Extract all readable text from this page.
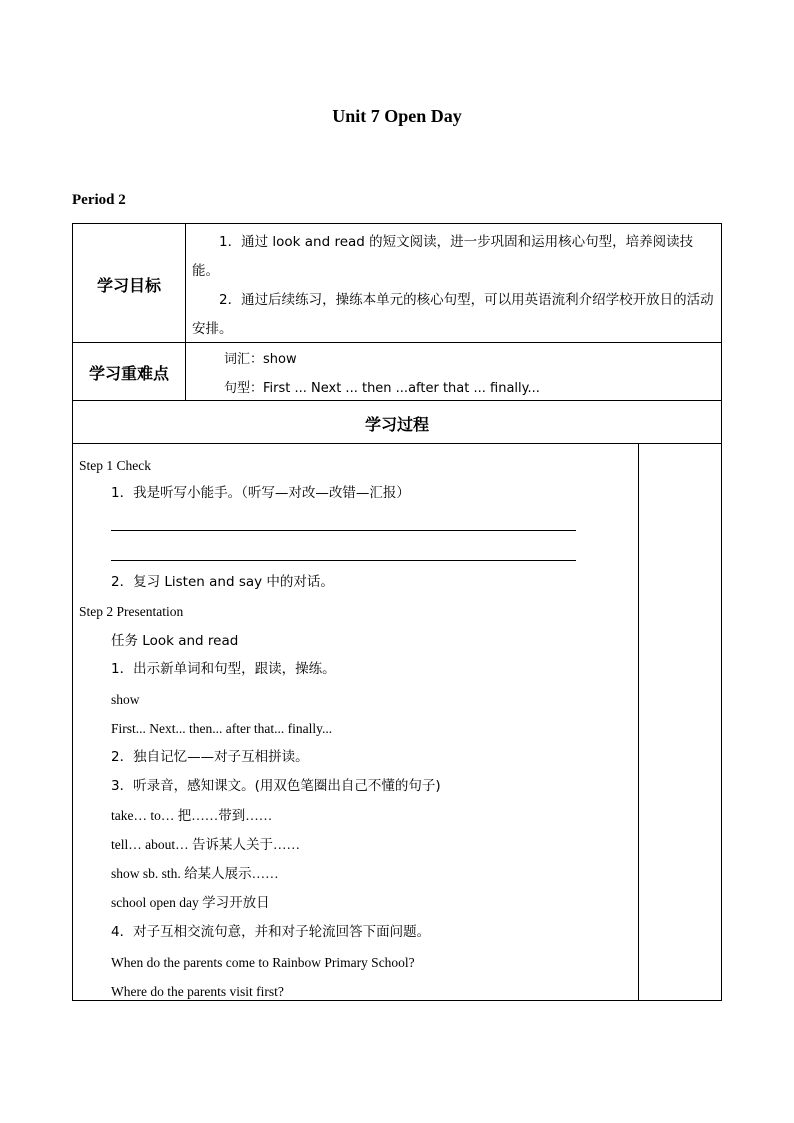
Unit 7 Open Day
Period 2
学习目标

1．通过 look and read 的短文阅读，进一步巩固和运用核心句型，培养阅读技能。

2．通过后续练习，操练本单元的核心句型，可以用英语流利介绍学校开放日的活动安排。

学习重难点

词汇：show

句型：First ... Next ... then ...after that ... finally...

学习过程
Step 1 Check
1．我是听写小能手。（听写—对改—改错—汇报）
2．复习 Listen and say 中的对话。
Step 2 Presentation
任务 Look and read
1．出示新单词和句型，跟读，操练。
show
First... Next... then... after that... finally...
2．独自记忆——对子互相拼读。
3．听录音，感知课文。(用双色笔圈出自己不懂的句子)
take… to… 把……带到……
tell… about… 告诉某人关于……
show sb. sth. 给某人展示……
school open day 学习开放日
4．对子互相交流句意，并和对子轮流回答下面问题。
When do the parents come to Rainbow Primary School?
Where do the parents visit first?
